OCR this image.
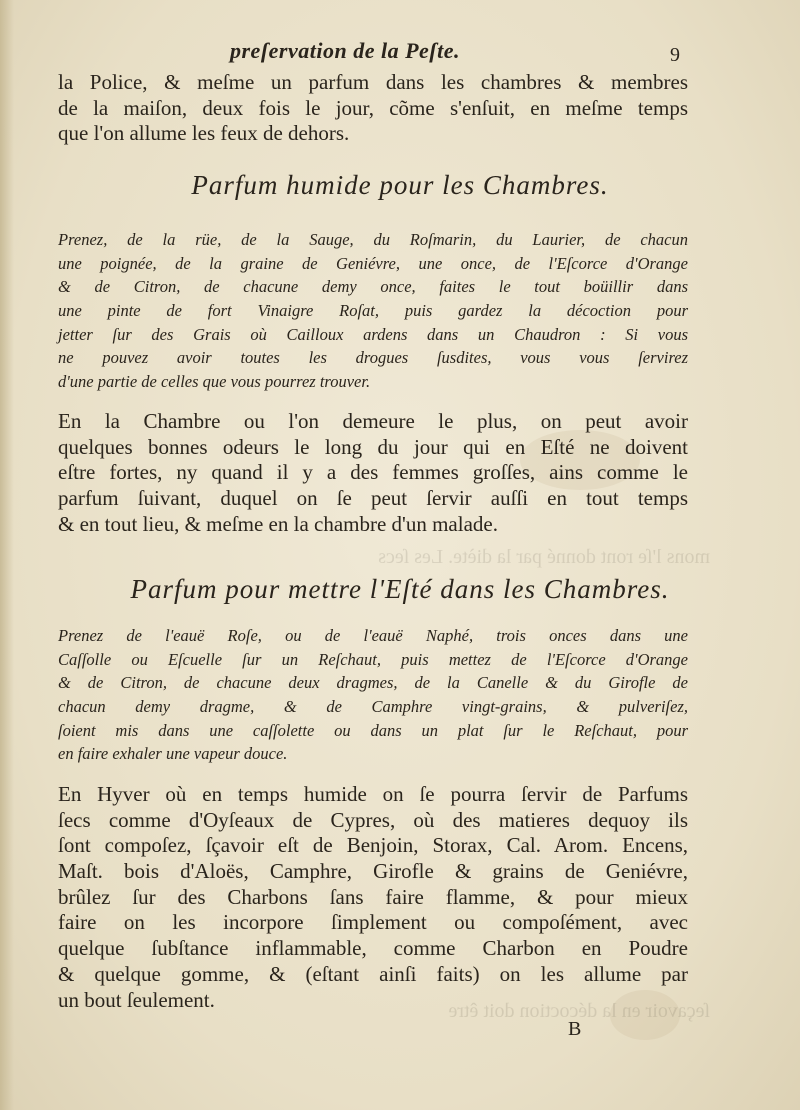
mons l'ſe ront donné par la diète. Les ſecs
ſeçavoir en la décoction doit être
preſervation de la Peſte.	9
la Police, & meſme un parfum dans les chambres & membres
de la maiſon, deux fois le jour, cõme s'enſuit, en meſme temps
que l'on allume les feux de dehors.
Parfum humide pour les Chambres.
Prenez, de la rüe, de la Sauge, du Roſmarin, du Laurier, de chacun
une poignée, de la graine de Geniévre, une once, de l'Eſcorce d'Orange
& de Citron, de chacune demy once, faites le tout boüillir dans
une pinte de fort Vinaigre Roſat, puis gardez la décoction pour
jetter ſur des Grais où Cailloux ardens dans un Chaudron : Si vous
ne pouvez avoir toutes les drogues ſusdites, vous vous ſervirez
d'une partie de celles que vous pourrez trouver.
En la Chambre ou l'on demeure le plus, on peut avoir
quelques bonnes odeurs le long du jour qui en Eſté ne doivent
eſtre fortes, ny quand il y a des femmes groſſes, ains comme le
parfum ſuivant, duquel on ſe peut ſervir auſſi en tout temps
& en tout lieu, & meſme en la chambre d'un malade.
Parfum pour mettre l'Eſté dans les Chambres.
Prenez de l'eauë Roſe, ou de l'eauë Naphé, trois onces dans une
Caſſolle ou Eſcuelle ſur un Reſchaut, puis mettez de l'Eſcorce d'Orange
& de Citron, de chacune deux dragmes, de la Canelle & du Girofle de
chacun demy dragme, & de Camphre vingt-grains, & pulveriſez,
ſoient mis dans une caſſolette ou dans un plat ſur le Reſchaut, pour
en faire exhaler une vapeur douce.
En Hyver où en temps humide on ſe pourra ſervir de Parfums
ſecs comme d'Oyſeaux de Cypres, où des matieres dequoy ils
ſont compoſez, ſçavoir eſt de Benjoin, Storax, Cal. Arom. Encens,
Maſt. bois d'Aloës, Camphre, Girofle & grains de Geniévre,
brûlez ſur des Charbons ſans faire flamme, & pour mieux
faire on les incorpore ſimplement ou compoſément, avec
quelque ſubſtance inflammable, comme Charbon en Poudre
& quelque gomme, & (eſtant ainſi faits) on les allume par
un bout ſeulement.
B
